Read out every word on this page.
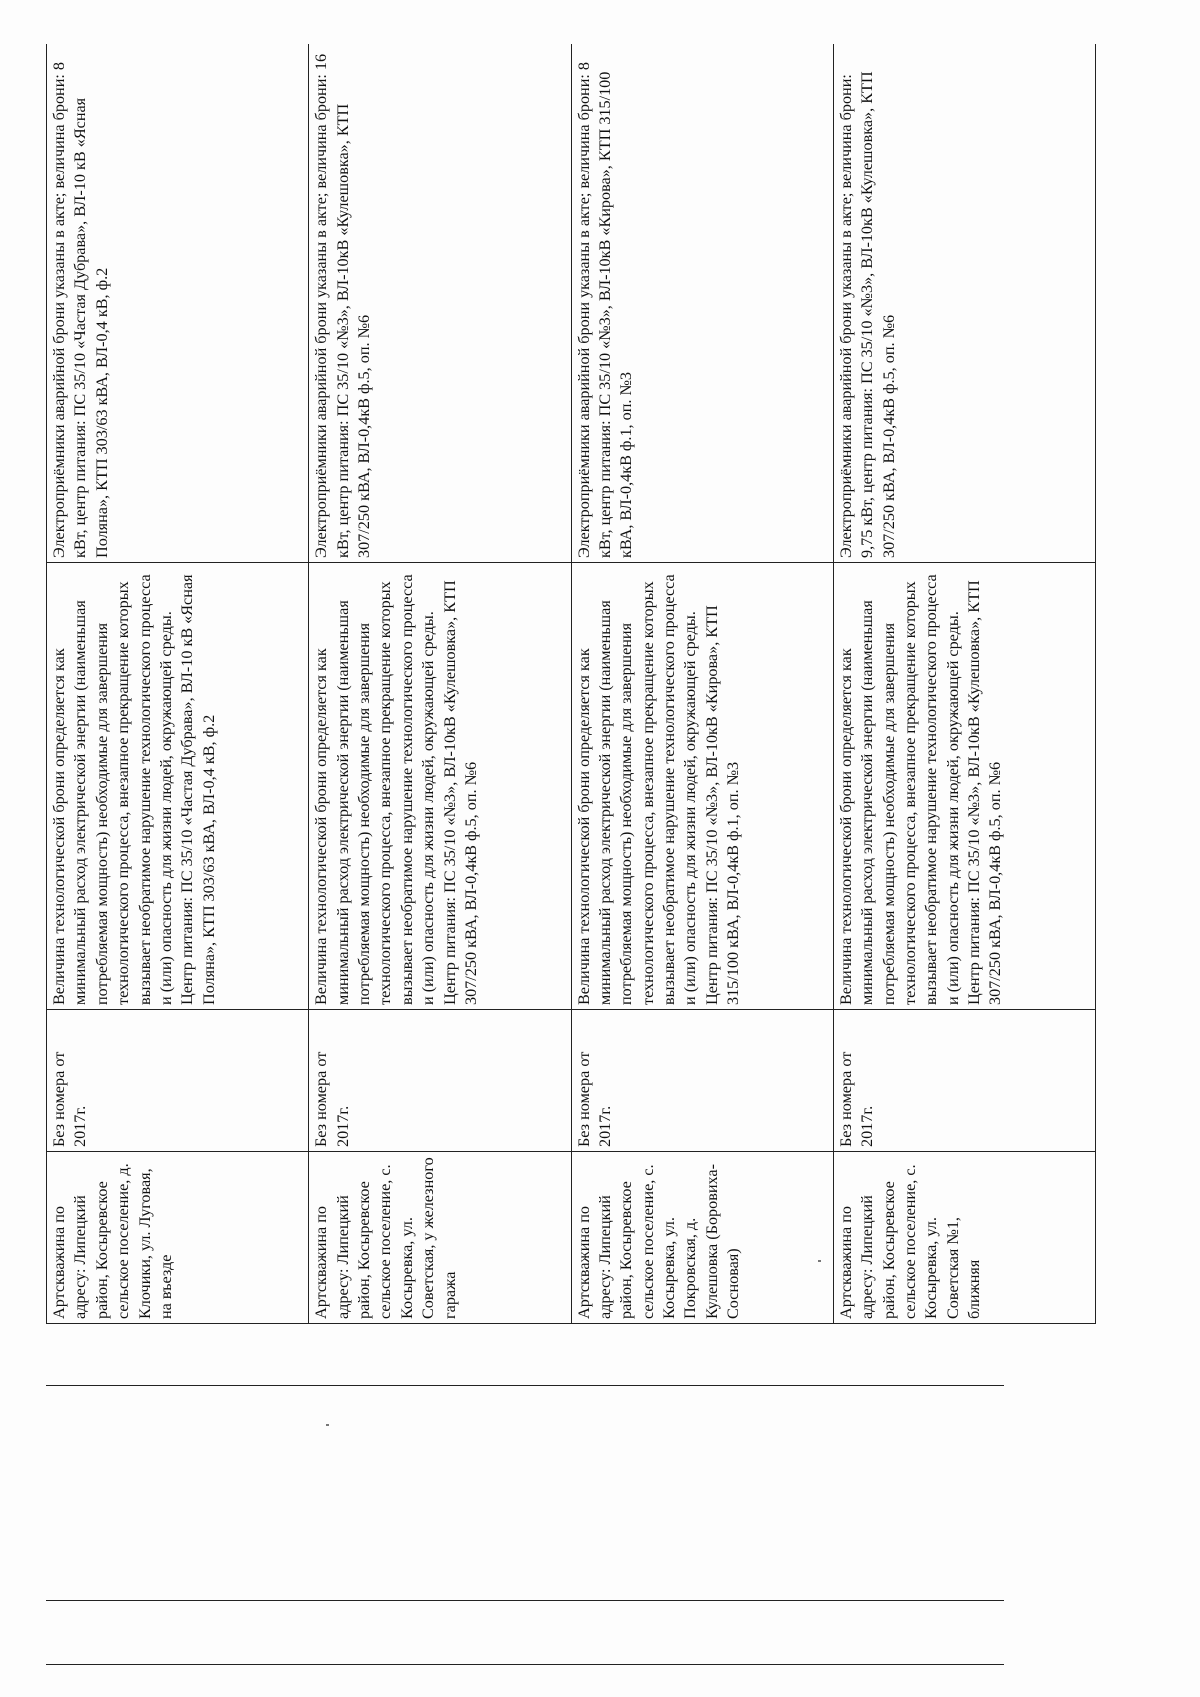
Артскважина по адресу: Липецкий район, Косыревское сельское поселение, д. Клочики, ул. Луговая, на въезде	Без номера от 2017г.	Величина технологической брони определяется как минимальный расход электрической энергии (наименьшая потребляемая мощность) необходимые для завершения технологического процесса, внезапное прекращение которых вызывает необратимое нарушение технологического процесса и (или) опасность для жизни людей, окружающей среды. Центр питания: ПС 35/10 «Частая Дубрава», ВЛ-10 кВ «Ясная Поляна», КТП 303/63 кВА, ВЛ-0,4 кВ, ф.2	Электроприёмники аварийной брони указаны в акте; величина брони: 8 кВт, центр питания: ПС 35/10 «Частая Дубрава», ВЛ-10 кВ «Ясная Поляна», КТП 303/63 кВА, ВЛ-0,4 кВ, ф.2

Артскважина по адресу: Липецкий район, Косыревское сельское поселение, с. Косыревка, ул. Советская, у железного гаража	Без номера от 2017г.	Величина технологической брони определяется как минимальный расход электрической энергии (наименьшая потребляемая мощность) необходимые для завершения технологического процесса, внезапное прекращение которых вызывает необратимое нарушение технологического процесса и (или) опасность для жизни людей, окружающей среды. Центр питания: ПС 35/10 «№3», ВЛ-10кВ «Кулешовка», КТП 307/250 кВА, ВЛ-0,4кВ ф.5, оп. №6	Электроприёмники аварийной брони указаны в акте; величина брони: 16 кВт, центр питания: ПС 35/10 «№3», ВЛ-10кВ «Кулешовка», КТП 307/250 кВА, ВЛ-0,4кВ ф.5, оп. №6

Артскважина по адресу: Липецкий район, Косыревское сельское поселение, с. Косыревка, ул. Покровская, д. Кулешовка (Боровиха-Сосновая)	Без номера от 2017г.	Величина технологической брони определяется как минимальный расход электрической энергии (наименьшая потребляемая мощность) необходимые для завершения технологического процесса, внезапное прекращение которых вызывает необратимое нарушение технологического процесса и (или) опасность для жизни людей, окружающей среды. Центр питания: ПС 35/10 «№3», ВЛ-10кВ «Кирова», КТП 315/100 кВА, ВЛ-0,4кВ ф.1, оп. №3	Электроприёмники аварийной брони указаны в акте; величина брони: 8 кВт, центр питания: ПС 35/10 «№3», ВЛ-10кВ «Кирова», КТП 315/100 кВА, ВЛ-0,4кВ ф.1, оп. №3

Артскважина по адресу: Липецкий район, Косыревское сельское поселение, с. Косыревка, ул. Советская №1, ближняя	Без номера от 2017г.	Величина технологической брони определяется как минимальный расход электрической энергии (наименьшая потребляемая мощность) необходимые для завершения технологического процесса, внезапное прекращение которых вызывает необратимое нарушение технологического процесса и (или) опасность для жизни людей, окружающей среды. Центр питания: ПС 35/10 «№3», ВЛ-10кВ «Кулешовка», КТП 307/250 кВА, ВЛ-0,4кВ ф.5, оп. №6	Электроприёмники аварийной брони указаны в акте; величина брони: 9,75 кВт, центр питания: ПС 35/10 «№3», ВЛ-10кВ «Кулешовка», КТП 307/250 кВА, ВЛ-0,4кВ ф.5, оп. №6
